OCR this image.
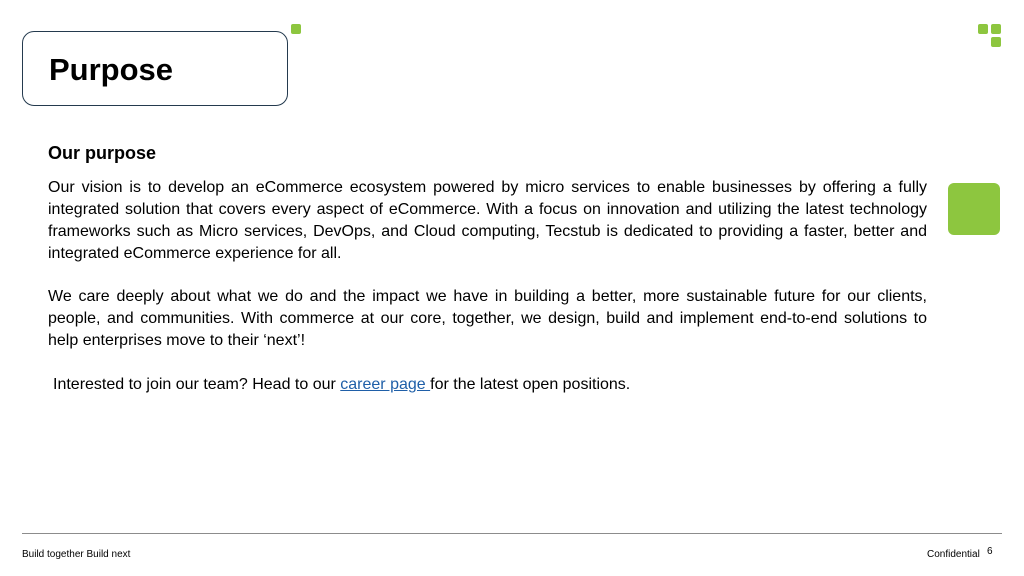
Purpose
Our purpose

Our vision is to develop an eCommerce ecosystem powered by micro services to enable businesses by offering a fully integrated solution that covers every aspect of eCommerce. With a focus on innovation and utilizing the latest technology frameworks such as Micro services, DevOps, and Cloud computing, Tecstub is dedicated to providing a faster, better and integrated eCommerce experience for all.

We care deeply about what we do and the impact we have in building a better, more sustainable future for our clients, people, and communities. With commerce at our core, together, we design, build and implement end-to-end solutions to help enterprises move to their ‘next’!

Interested to join our team? Head to our career page for the latest open positions.
Build together Build next	Confidential 6
